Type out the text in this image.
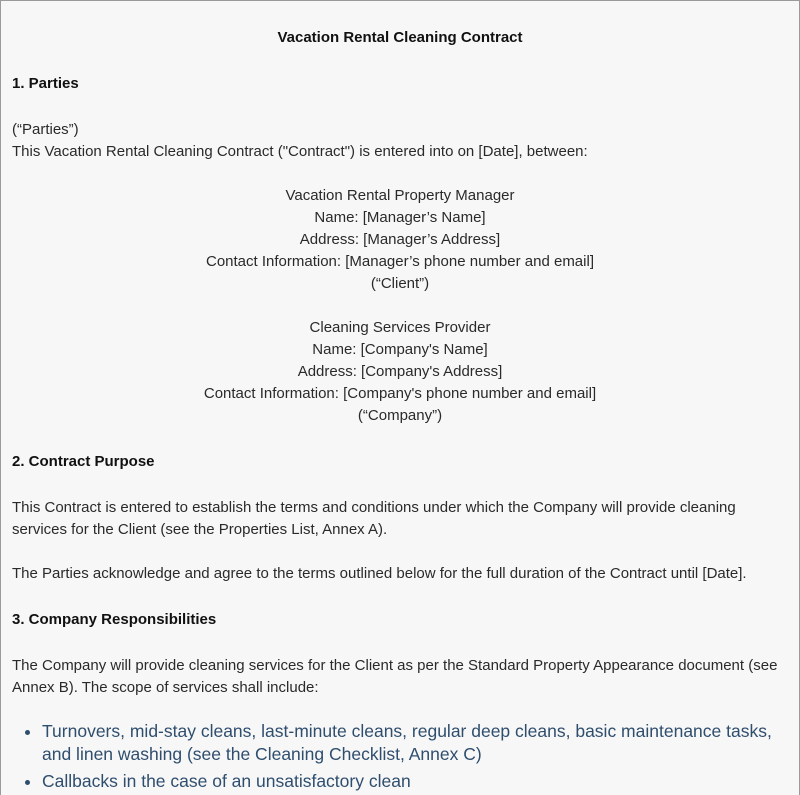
Vacation Rental Cleaning Contract
1. Parties

(“Parties”)

This Vacation Rental Cleaning Contract ("Contract") is entered into on [Date], between:

Vacation Rental Property Manager
Name: [Manager’s Name]
Address: [Manager’s Address]
Contact Information: [Manager’s phone number and email]
(“Client”)
Cleaning Services Provider
Name: [Company's Name]
Address: [Company's Address]
Contact Information: [Company's phone number and email]
(“Company”)
2. Contract Purpose

This Contract is entered to establish the terms and conditions under which the Company will provide cleaning services for the Client (see the Properties List, Annex A).

The Parties acknowledge and agree to the terms outlined below for the full duration of the Contract until [Date].

3. Company Responsibilities

The Company will provide cleaning services for the Client as per the Standard Property Appearance document (see Annex B). The scope of services shall include:

• Turnovers, mid-stay cleans, last-minute cleans, regular deep cleans, basic maintenance tasks, and linen washing (see the Cleaning Checklist, Annex C)
• Callbacks in the case of an unsatisfactory clean
